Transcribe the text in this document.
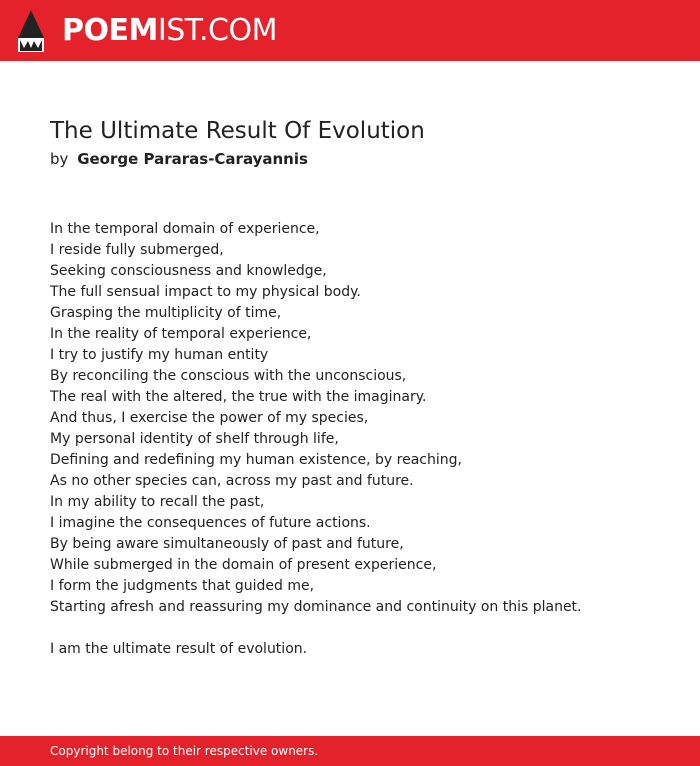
POEMIST.COM
The Ultimate Result Of Evolution
by George Pararas-Carayannis
In the temporal domain of experience,
I reside fully submerged,
Seeking consciousness and knowledge,
The full sensual impact to my physical body.
Grasping the multiplicity of time,
In the reality of temporal experience,
I try to justify my human entity
By reconciling the conscious with the unconscious,
The real with the altered, the true with the imaginary.
And thus, I exercise the power of my species,
My personal identity of shelf through life,
Defining and redefining my human existence, by reaching,
As no other species can, across my past and future.
In my ability to recall the past,
I imagine the consequences of future actions.
By being aware simultaneously of past and future,
While submerged in the domain of present experience,
I form the judgments that guided me,
Starting afresh and reassuring my dominance and continuity on this planet.
I am the ultimate result of evolution.
Copyright belong to their respective owners.
